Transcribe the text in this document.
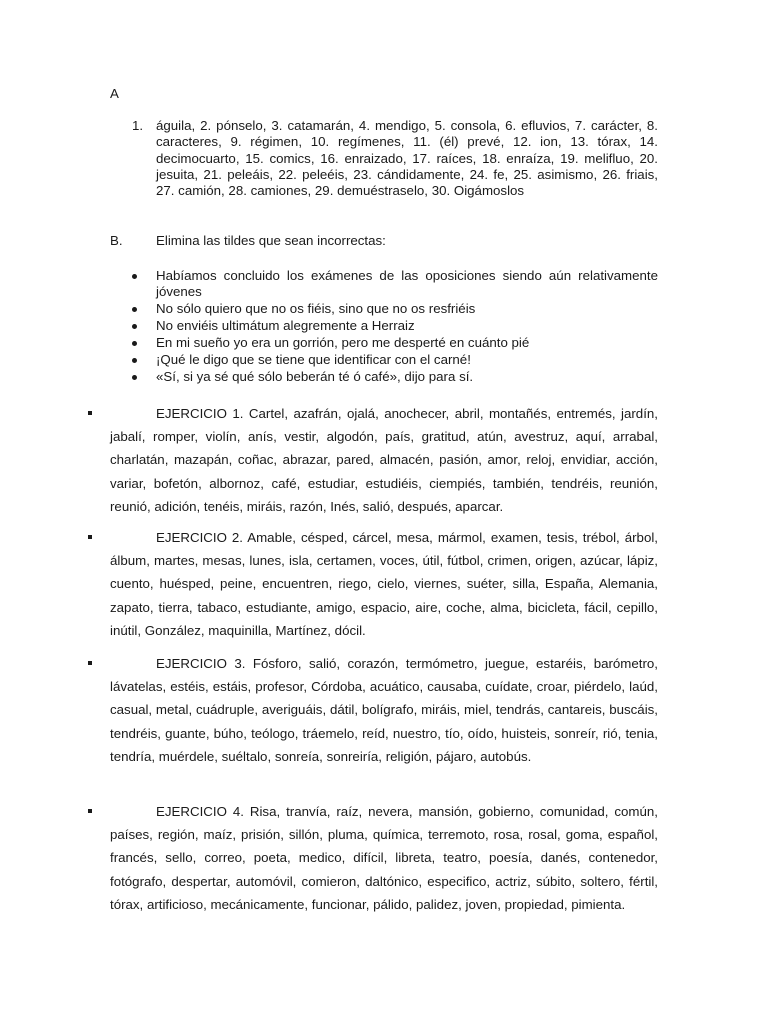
A
1. águila, 2. pónselo, 3. catamarán, 4. mendigo, 5. consola, 6. efluvios, 7. carácter, 8. caracteres, 9. régimen, 10. regímenes, 11. (él) prevé, 12. ion, 13. tórax, 14. decimocuarto, 15. comics, 16. enraizado, 17. raíces, 18. enraíza, 19. melifluo, 20. jesuita, 21. peleáis, 22. peleéis, 23. cándidamente, 24. fe, 25. asimismo, 26. friais, 27. camión, 28. camiones, 29. demuéstraselo, 30. Oigámoslos
B.	Elimina las tildes que sean incorrectas:
Habíamos concluido los exámenes de las oposiciones siendo aún relativamente jóvenes
No sólo quiero que no os fiéis, sino que no os resfriéis
No enviéis ultimátum alegremente a Herraiz
En mi sueño yo era un gorrión, pero me desperté en cuánto pié
¡Qué le digo que se tiene que identificar con el carné!
«Sí, si ya sé qué sólo beberán té ó café», dijo para sí.
EJERCICIO 1. Cartel, azafrán, ojalá, anochecer, abril, montañés, entremés, jardín, jabalí, romper, violín, anís, vestir, algodón, país, gratitud, atún, avestruz, aquí, arrabal, charlatán, mazapán, coñac, abrazar, pared, almacén, pasión, amor, reloj, envidiar, acción, variar, bofetón, albornoz, café, estudiar, estudiéis, ciempiés, también, tendréis, reunión, reunió, adición, tenéis, miráis, razón, Inés, salió, después, aparcar.
EJERCICIO 2. Amable, césped, cárcel, mesa, mármol, examen, tesis, trébol, árbol, álbum, martes, mesas, lunes, isla, certamen, voces, útil, fútbol, crimen, origen, azúcar, lápiz, cuento, huésped, peine, encuentren, riego, cielo, viernes, suéter, silla, España, Alemania, zapato, tierra, tabaco, estudiante, amigo, espacio, aire, coche, alma, bicicleta, fácil, cepillo, inútil, González, maquinilla, Martínez, dócil.
EJERCICIO 3. Fósforo, salió, corazón, termómetro, juegue, estaréis, barómetro, lávatelas, estéis, estáis, profesor, Córdoba, acuático, causaba, cuídate, croar, piérdelo, laúd, casual, metal, cuádruple, averiguáis, dátil, bolígrafo, miráis, miel, tendrás, cantareis, buscáis, tendréis, guante, búho, teólogo, tráemelo, reíd, nuestro, tío, oído, huisteis, sonreír, rió, tenia, tendría, muérdele, suéltalo, sonreía, sonreiría, religión, pájaro, autobús.
EJERCICIO 4. Risa, tranvía, raíz, nevera, mansión, gobierno, comunidad, común, países, región, maíz, prisión, sillón, pluma, química, terremoto, rosa, rosal, goma, español, francés, sello, correo, poeta, medico, difícil, libreta, teatro, poesía, danés, contenedor, fotógrafo, despertar, automóvil, comieron, daltónico, especifico, actriz, súbito, soltero, fértil, tórax, artificioso, mecánicamente, funcionar, pálido, palidez, joven, propiedad, pimienta.
